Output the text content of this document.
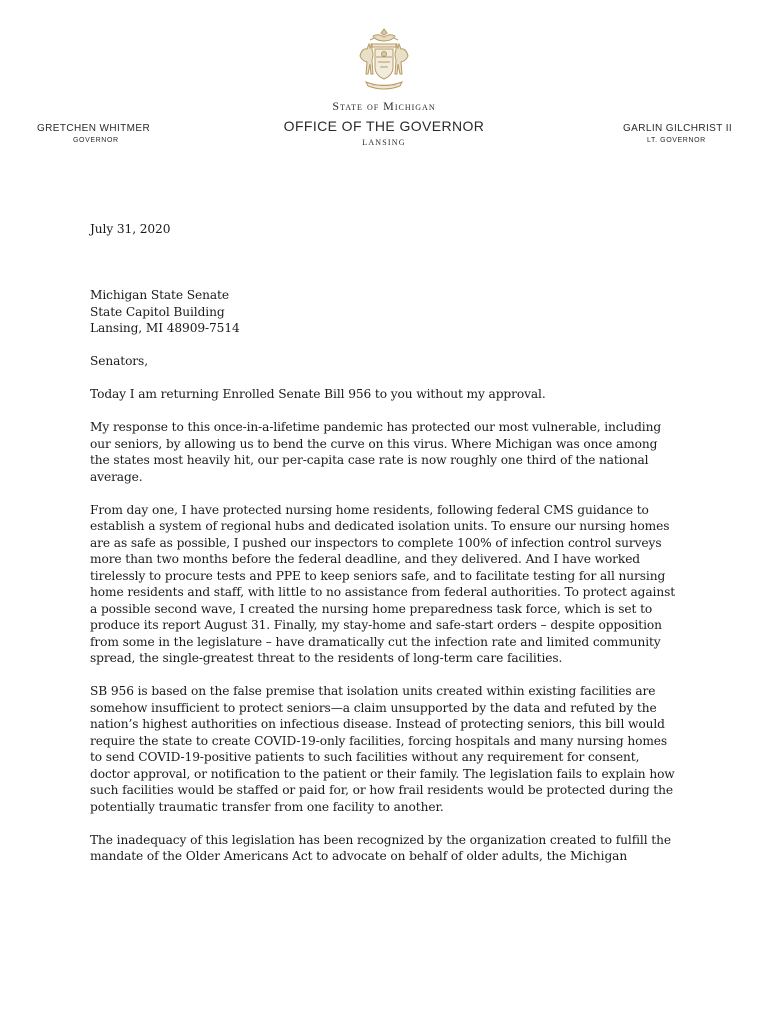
State of Michigan
OFFICE OF THE GOVERNOR
LANSING
GRETCHEN WHITMER
GOVERNOR
GARLIN GILCHRIST II
LT. GOVERNOR

July 31, 2020

Michigan State Senate
State Capitol Building
Lansing, MI 48909-7514

Senators,

Today I am returning Enrolled Senate Bill 956 to you without my approval.

My response to this once-in-a-lifetime pandemic has protected our most vulnerable, including our seniors, by allowing us to bend the curve on this virus. Where Michigan was once among the states most heavily hit, our per-capita case rate is now roughly one third of the national average.

From day one, I have protected nursing home residents, following federal CMS guidance to establish a system of regional hubs and dedicated isolation units. To ensure our nursing homes are as safe as possible, I pushed our inspectors to complete 100% of infection control surveys more than two months before the federal deadline, and they delivered. And I have worked tirelessly to procure tests and PPE to keep seniors safe, and to facilitate testing for all nursing home residents and staff, with little to no assistance from federal authorities. To protect against a possible second wave, I created the nursing home preparedness task force, which is set to produce its report August 31. Finally, my stay-home and safe-start orders – despite opposition from some in the legislature – have dramatically cut the infection rate and limited community spread, the single-greatest threat to the residents of long-term care facilities.

SB 956 is based on the false premise that isolation units created within existing facilities are somehow insufficient to protect seniors—a claim unsupported by the data and refuted by the nation’s highest authorities on infectious disease. Instead of protecting seniors, this bill would require the state to create COVID-19-only facilities, forcing hospitals and many nursing homes to send COVID-19-positive patients to such facilities without any requirement for consent, doctor approval, or notification to the patient or their family. The legislation fails to explain how such facilities would be staffed or paid for, or how frail residents would be protected during the potentially traumatic transfer from one facility to another.

The inadequacy of this legislation has been recognized by the organization created to fulfill the mandate of the Older Americans Act to advocate on behalf of older adults, the Michigan
